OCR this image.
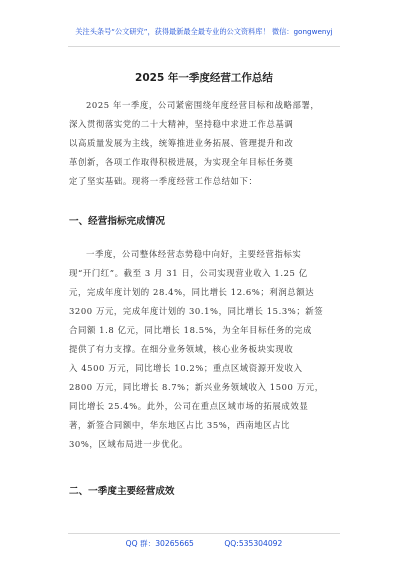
关注头条号“公文研究”，获得最新最全最专业的公文资料库！ 微信：gongwenyj
2025 年一季度经营工作总结

2025 年一季度，公司紧密围绕年度经营目标和战略部署，
深入贯彻落实党的二十大精神，坚持稳中求进工作总基调
以高质量发展为主线，统筹推进业务拓展、管理提升和改
革创新，各项工作取得积极进展，为实现全年目标任务奠
定了坚实基础。现将一季度经营工作总结如下：

一、经营指标完成情况

一季度，公司整体经营态势稳中向好，主要经营指标实
现“开门红”。截至 3 月 31 日，公司实现营业收入 1.25 亿
元，完成年度计划的 28.4%，同比增长 12.6%；利润总额达
3200 万元，完成年度计划的 30.1%，同比增长 15.3%；新签
合同额 1.8 亿元，同比增长 18.5%，为全年目标任务的完成
提供了有力支撑。在细分业务领域，核心业务板块实现收
入 4500 万元，同比增长 10.2%；重点区域资源开发收入
2800 万元，同比增长 8.7%；新兴业务领域收入 1500 万元，
同比增长 25.4%。此外，公司在重点区域市场的拓展成效显
著，新签合同额中，华东地区占比 35%，西南地区占比
30%，区域布局进一步优化。

二、一季度主要经营成效
QQ 群：30265665	QQ:535304092
